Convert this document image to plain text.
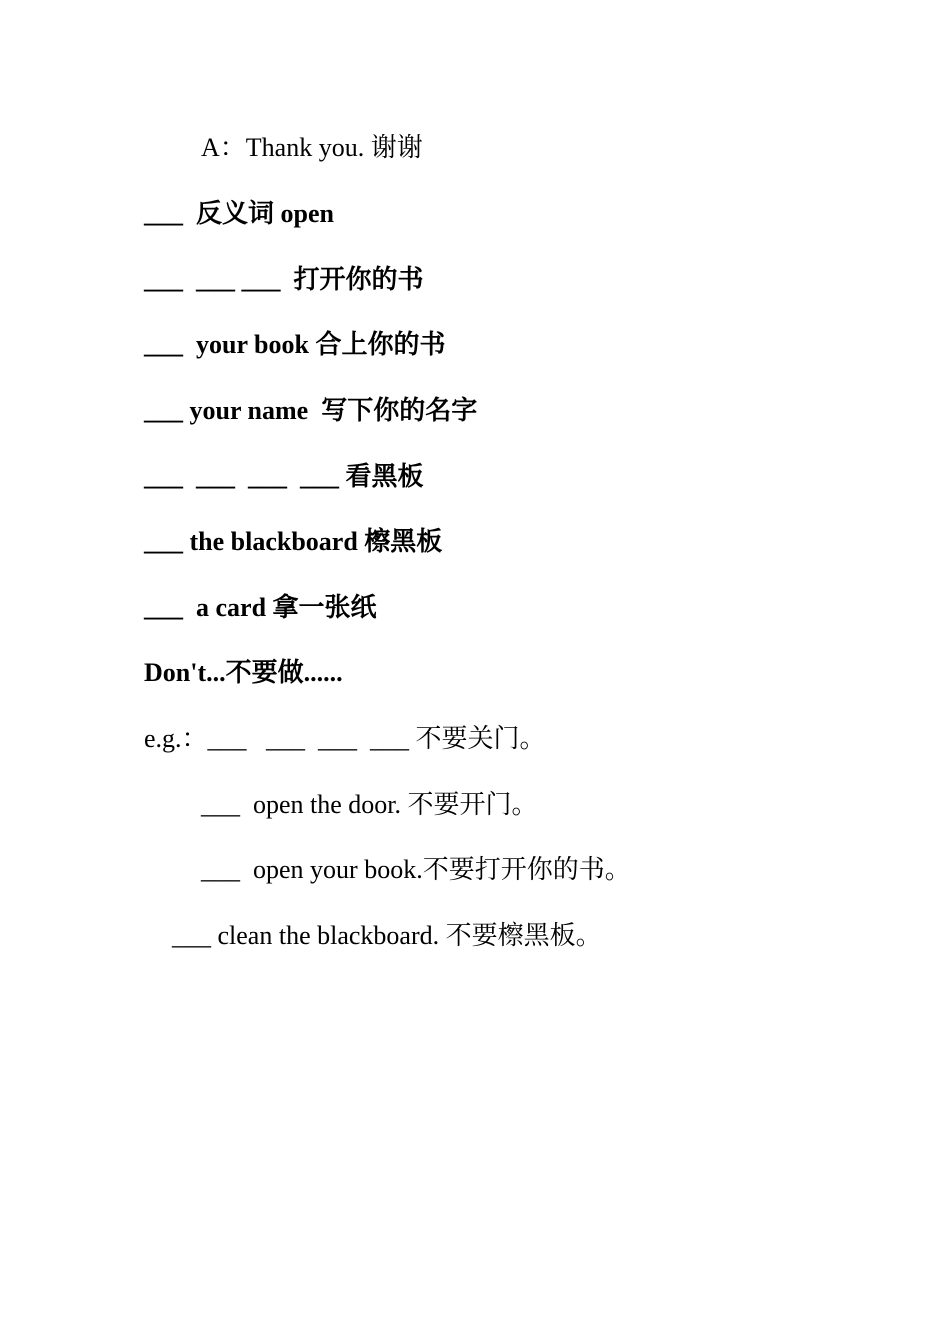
A：Thank you. 谢谢
___  反义词 open
___  ___ ___  打开你的书
___  your book 合上你的书
___ your name  写下你的名字
___  ___  ___  ___ 看黑板
___ the blackboard 檫黑板
___  a card 拿一张纸
Don't...不要做......
e.g.：___   ___  ___  ___ 不要关门。
___  open the door. 不要开门。
___  open your book.不要打开你的书。
___ clean the blackboard. 不要檫黑板。
